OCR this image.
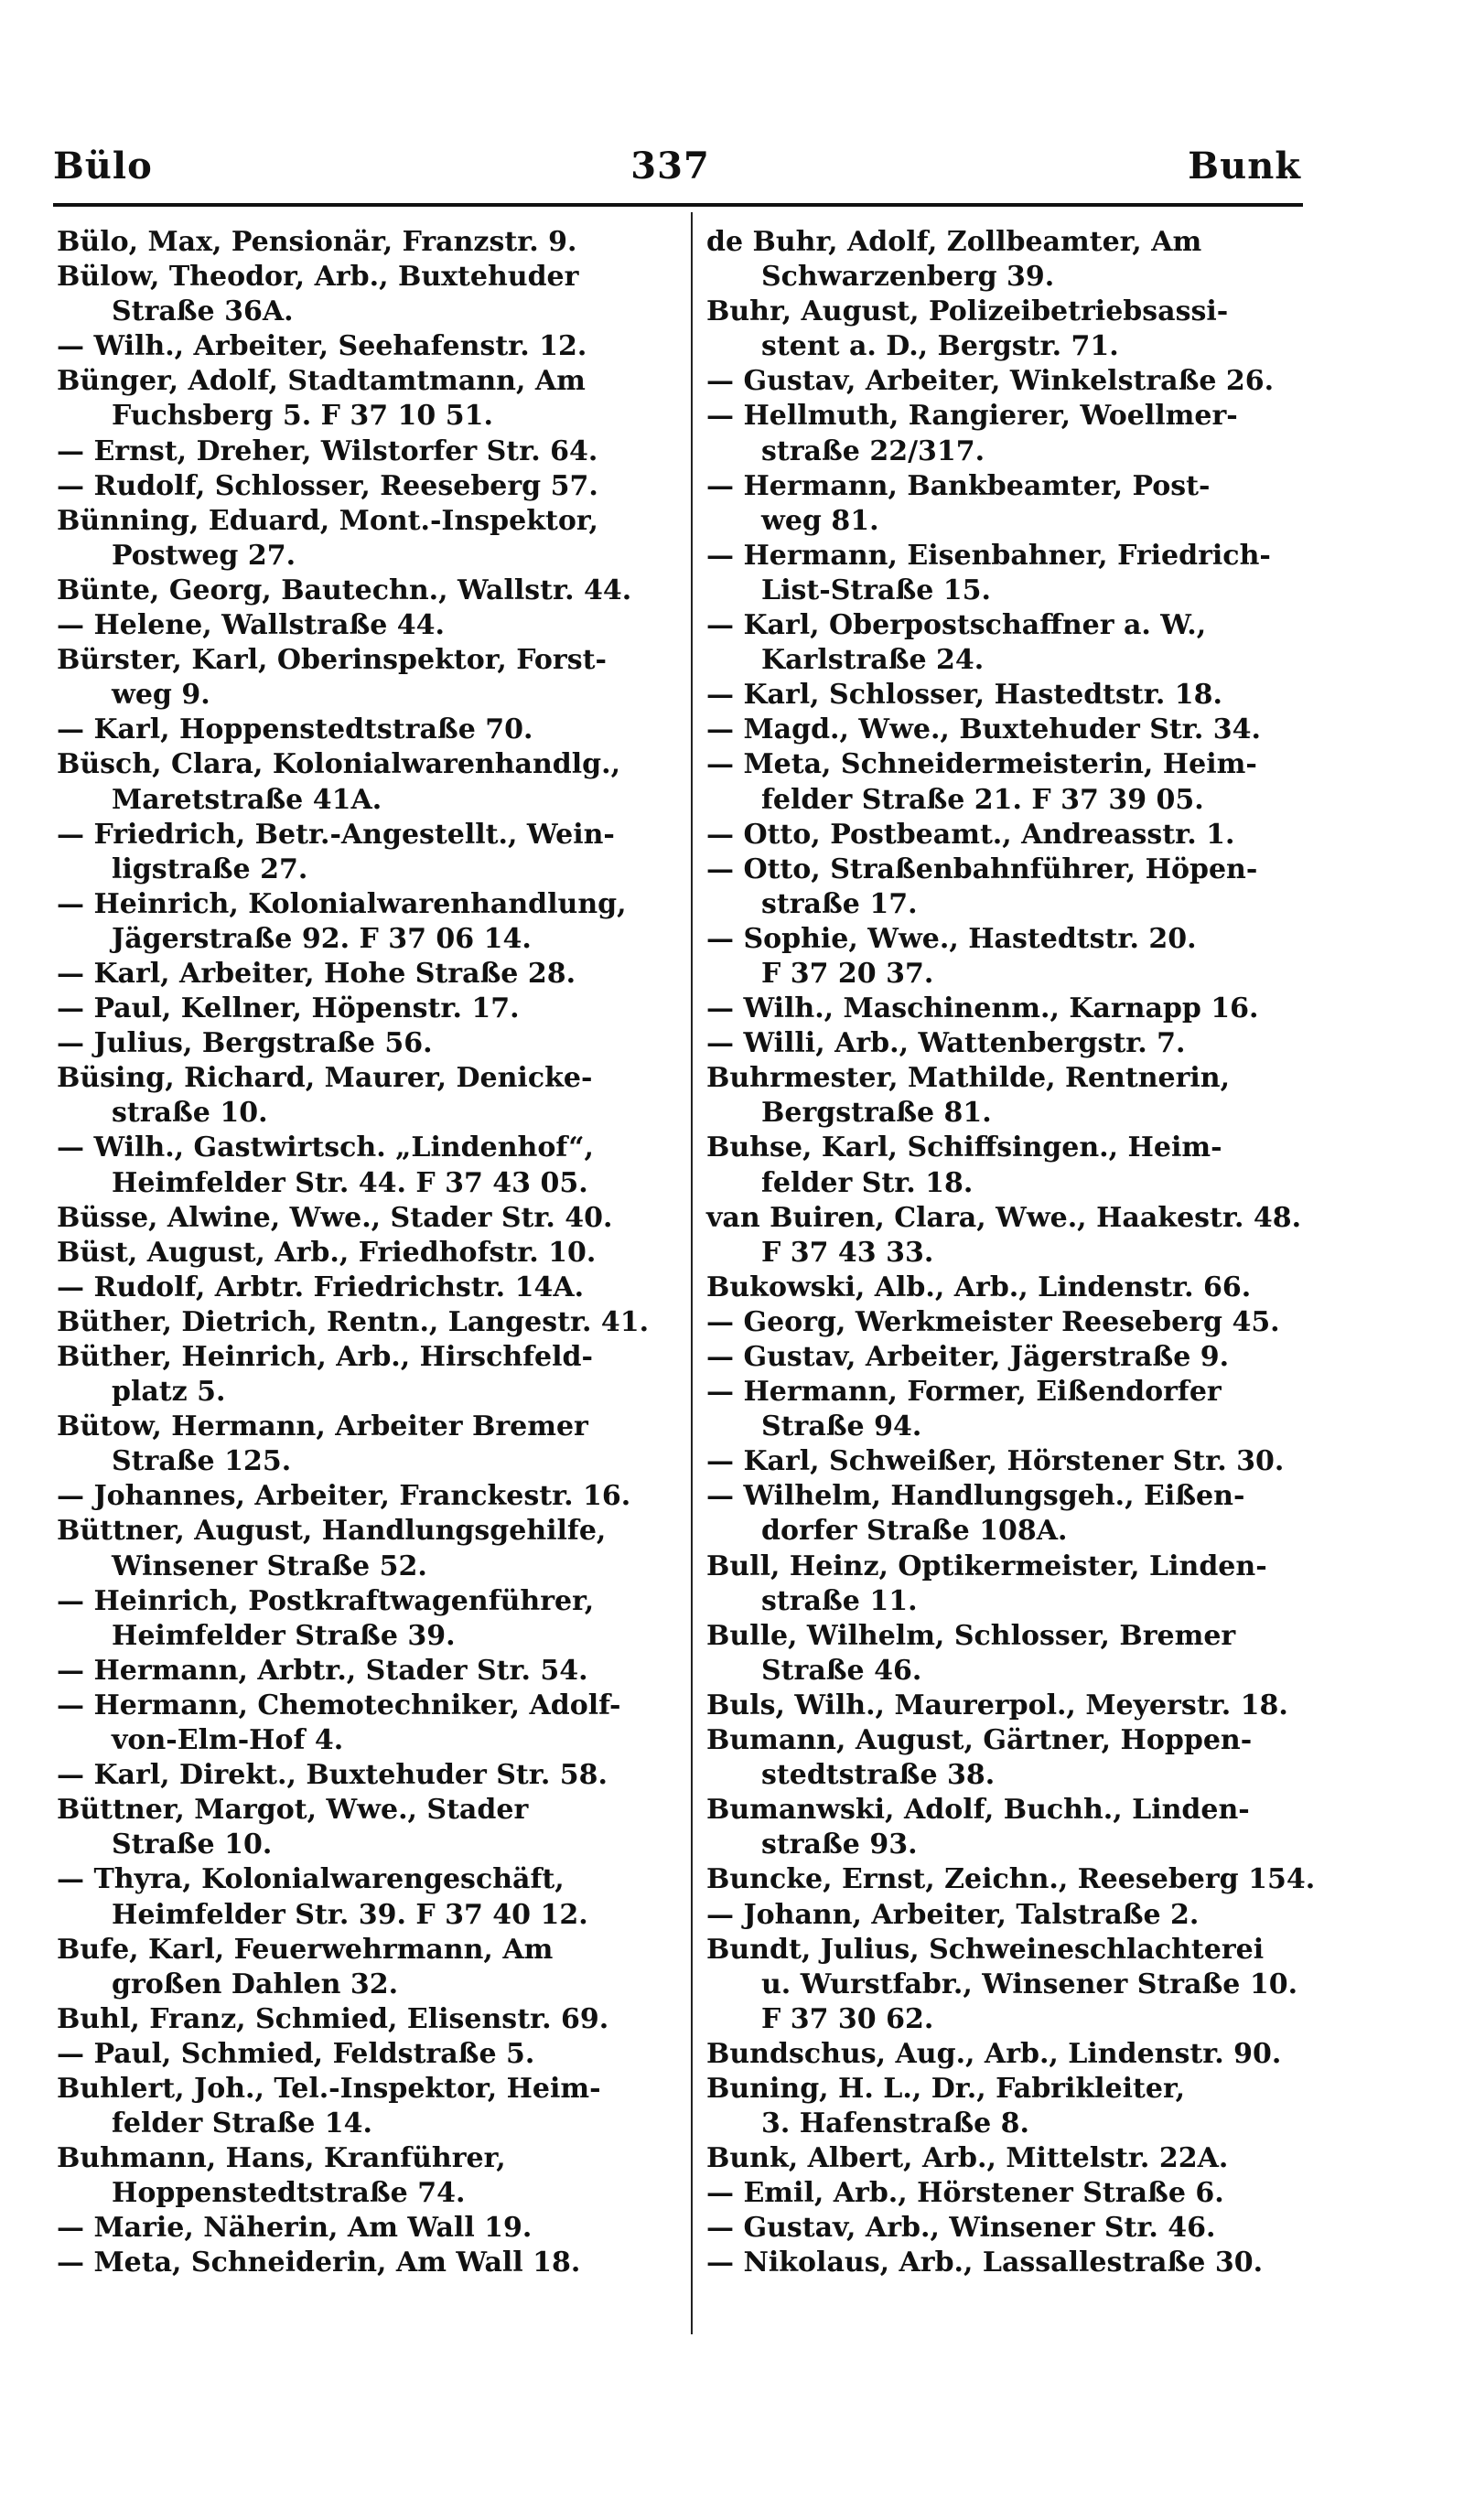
Bülo	337	Bunk
Bülo, Max, Pensionär, Franzstr. 9.
Bülow, Theodor, Arb., Buxtehuder
Straße 36A.
— Wilh., Arbeiter, Seehafenstr. 12.
Bünger, Adolf, Stadtamtmann, Am
Fuchsberg 5. F 37 10 51.
— Ernst, Dreher, Wilstorfer Str. 64.
— Rudolf, Schlosser, Reeseberg 57.
Bünning, Eduard, Mont.-Inspektor,
Postweg 27.
Bünte, Georg, Bautechn., Wallstr. 44.
— Helene, Wallstraße 44.
Bürster, Karl, Oberinspektor, Forst-
weg 9.
— Karl, Hoppenstedtstraße 70.
Büsch, Clara, Kolonialwarenhandlg.,
Maretstraße 41A.
— Friedrich, Betr.-Angestellt., Wein-
ligstraße 27.
— Heinrich, Kolonialwarenhandlung,
Jägerstraße 92. F 37 06 14.
— Karl, Arbeiter, Hohe Straße 28.
— Paul, Kellner, Höpenstr. 17.
— Julius, Bergstraße 56.
Büsing, Richard, Maurer, Denicke-
straße 10.
— Wilh., Gastwirtsch. „Lindenhof“,
Heimfelder Str. 44. F 37 43 05.
Büsse, Alwine, Wwe., Stader Str. 40.
Büst, August, Arb., Friedhofstr. 10.
— Rudolf, Arbtr. Friedrichstr. 14A.
Büther, Dietrich, Rentn., Langestr. 41.
Büther, Heinrich, Arb., Hirschfeld-
platz 5.
Bütow, Hermann, Arbeiter Bremer
Straße 125.
— Johannes, Arbeiter, Franckestr. 16.
Büttner, August, Handlungsgehilfe,
Winsener Straße 52.
— Heinrich, Postkraftwagenführer,
Heimfelder Straße 39.
— Hermann, Arbtr., Stader Str. 54.
— Hermann, Chemotechniker, Adolf-
von-Elm-Hof 4.
— Karl, Direkt., Buxtehuder Str. 58.
Büttner, Margot, Wwe., Stader
Straße 10.
— Thyra, Kolonialwarengeschäft,
Heimfelder Str. 39. F 37 40 12.
Bufe, Karl, Feuerwehrmann, Am
großen Dahlen 32.
Buhl, Franz, Schmied, Elisenstr. 69.
— Paul, Schmied, Feldstraße 5.
Buhlert, Joh., Tel.-Inspektor, Heim-
felder Straße 14.
Buhmann, Hans, Kranführer,
Hoppenstedtstraße 74.
— Marie, Näherin, Am Wall 19.
— Meta, Schneiderin, Am Wall 18.
de Buhr, Adolf, Zollbeamter, Am
Schwarzenberg 39.
Buhr, August, Polizeibetriebsassi-
stent a. D., Bergstr. 71.
— Gustav, Arbeiter, Winkelstraße 26.
— Hellmuth, Rangierer, Woellmer-
straße 22/317.
— Hermann, Bankbeamter, Post-
weg 81.
— Hermann, Eisenbahner, Friedrich-
List-Straße 15.
— Karl, Oberpostschaffner a. W.,
Karlstraße 24.
— Karl, Schlosser, Hastedtstr. 18.
— Magd., Wwe., Buxtehuder Str. 34.
— Meta, Schneidermeisterin, Heim-
felder Straße 21. F 37 39 05.
— Otto, Postbeamt., Andreasstr. 1.
— Otto, Straßenbahnführer, Höpen-
straße 17.
— Sophie, Wwe., Hastedtstr. 20.
F 37 20 37.
— Wilh., Maschinenm., Karnapp 16.
— Willi, Arb., Wattenbergstr. 7.
Buhrmester, Mathilde, Rentnerin,
Bergstraße 81.
Buhse, Karl, Schiffsingen., Heim-
felder Str. 18.
van Buiren, Clara, Wwe., Haakestr. 48.
F 37 43 33.
Bukowski, Alb., Arb., Lindenstr. 66.
— Georg, Werkmeister Reeseberg 45.
— Gustav, Arbeiter, Jägerstraße 9.
— Hermann, Former, Eißendorfer
Straße 94.
— Karl, Schweißer, Hörstener Str. 30.
— Wilhelm, Handlungsgeh., Eißen-
dorfer Straße 108A.
Bull, Heinz, Optikermeister, Linden-
straße 11.
Bulle, Wilhelm, Schlosser, Bremer
Straße 46.
Buls, Wilh., Maurerpol., Meyerstr. 18.
Bumann, August, Gärtner, Hoppen-
stedtstraße 38.
Bumanwski, Adolf, Buchh., Linden-
straße 93.
Buncke, Ernst, Zeichn., Reeseberg 154.
— Johann, Arbeiter, Talstraße 2.
Bundt, Julius, Schweineschlachterei
u. Wurstfabr., Winsener Straße 10.
F 37 30 62.
Bundschus, Aug., Arb., Lindenstr. 90.
Buning, H. L., Dr., Fabrikleiter,
3. Hafenstraße 8.
Bunk, Albert, Arb., Mittelstr. 22A.
— Emil, Arb., Hörstener Straße 6.
— Gustav, Arb., Winsener Str. 46.
— Nikolaus, Arb., Lassallestraße 30.
